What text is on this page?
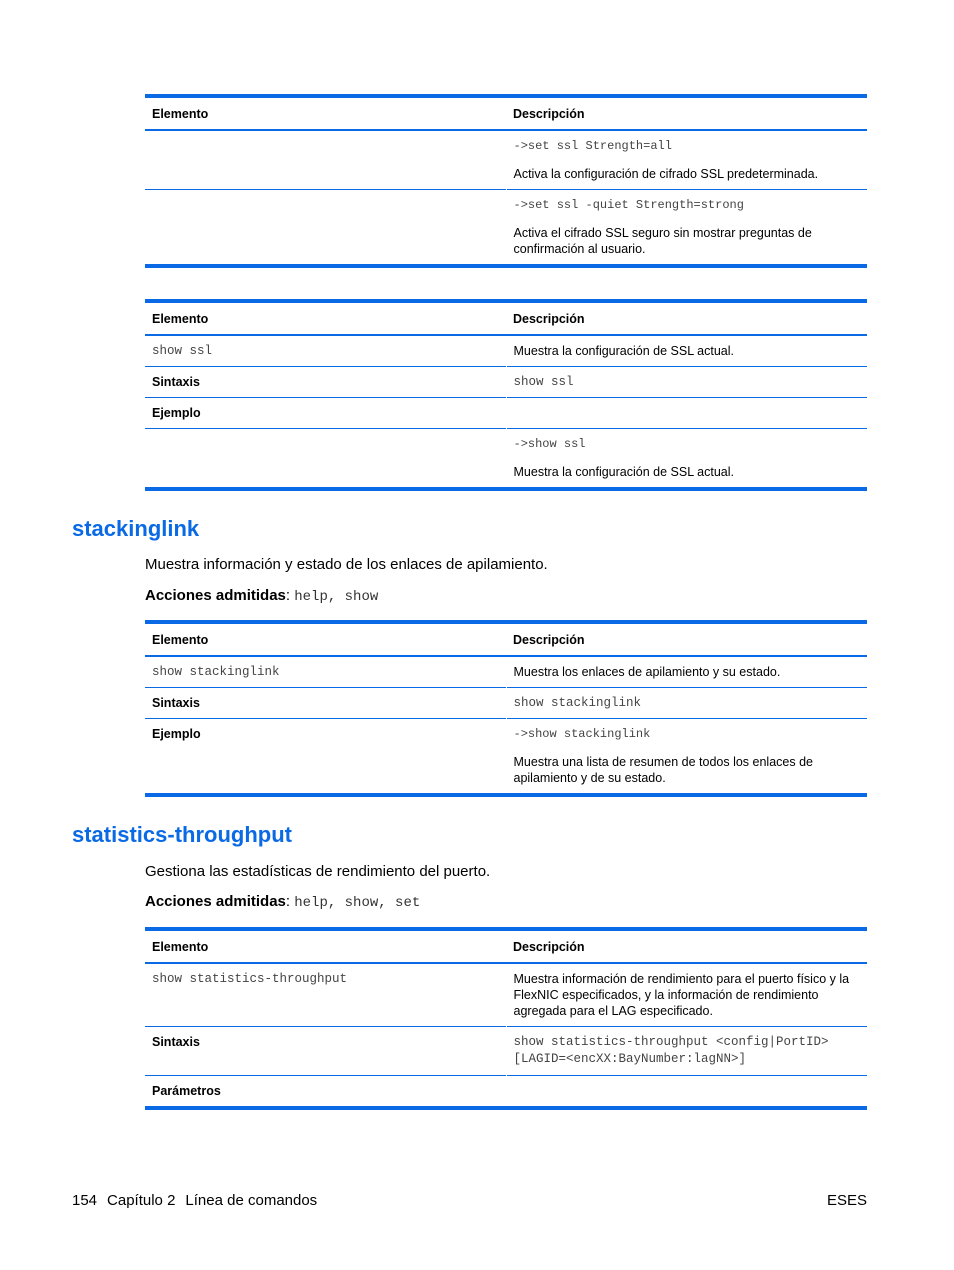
Elemento	Descripción

	->set ssl Strength=all

Activa la configuración de cifrado SSL predeterminada.

	->set ssl -quiet Strength=strong

Activa el cifrado SSL seguro sin mostrar preguntas de confirmación al usuario.

Elemento	Descripción
show ssl	Muestra la configuración de SSL actual.
Sintaxis	show ssl
Ejemplo	

	->show ssl

Muestra la configuración de SSL actual.

stackinglink

Muestra información y estado de los enlaces de apilamiento.

Acciones admitidas: help, show

Elemento	Descripción
show stackinglink	Muestra los enlaces de apilamiento y su estado.
Sintaxis	show stackinglink
Ejemplo	->show stackinglink

Muestra una lista de resumen de todos los enlaces de apilamiento y de su estado.

statistics-throughput

Gestiona las estadísticas de rendimiento del puerto.

Acciones admitidas: help, show, set

Elemento	Descripción
show statistics-throughput	Muestra información de rendimiento para el puerto físico y la FlexNIC especificados, y la información de rendimiento agregada para el LAG especificado.
Sintaxis	show statistics-throughput <config|PortID> [LAGID=<encXX:BayNumber:lagNN>]
Parámetros	
154 Capítulo 2 Línea de comandos	ESES
